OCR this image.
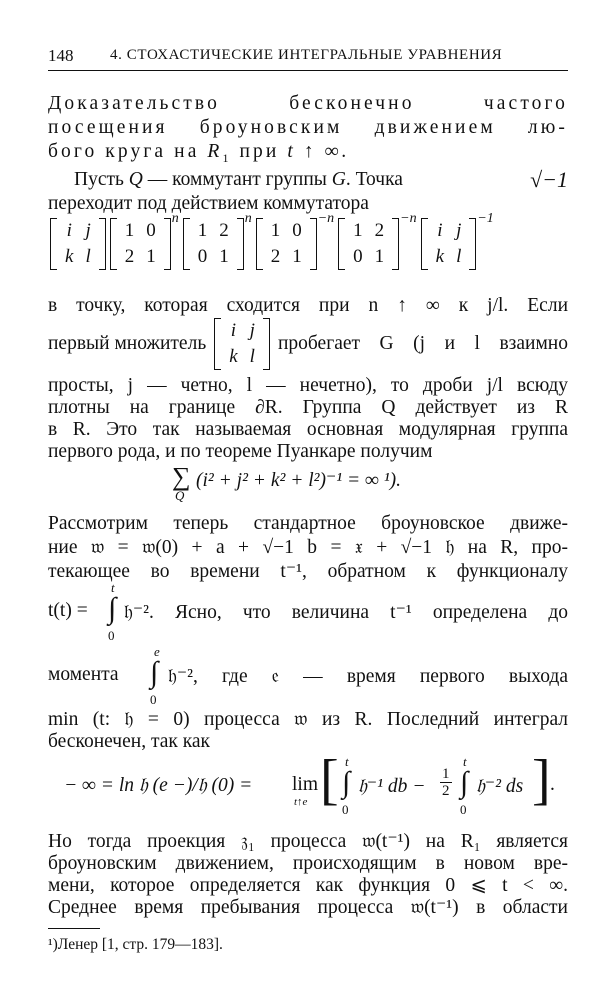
148 4. СТОХАСТИЧЕСКИЕ ИНТЕГРАЛЬНЫЕ УРАВНЕНИЯ
Доказательство бесконечно частого
посещения броуновским движением лю-
бого круга на $R_1$ при t ↑ ∞.
Пусть Q — коммутант группы G. Точка	√−1
переходит под действием коммутатора
i	j
k	l
1	0
2	1
n
1	2
0	1
n
1	0
2	1
−n
1	2
0	1
−n
i	j
k	l
−1
в точку, которая сходится при n ↑ ∞ к j/l. Если
первый множитель
i	j
k	l
пробегает G (j и l взаимно
просты, j — четно, l — нечетно), то дроби j/l всюду
плотны на границе ∂R. Группа Q действует из R
в R. Это так называемая основная модулярная группа
первого рода, и по теореме Пуанкаре получим
∑
Q
(i² + j² + k² + l²)⁻¹ = ∞ ¹).
Рассмотрим теперь стандартное броуновское движе-
ние 𝔴 = 𝔴(0) + a + √−1 b = 𝔵 + √−1 𝔥 на R, про-
текающее во времени t⁻¹, обратном к функционалу
t(t) = ∫
t
0
𝔥⁻². Ясно, что величина t⁻¹ определена до
момента ∫
e
0
𝔥⁻², где 𝔢 — время первого выхода
min (t: 𝔥 = 0) процесса 𝔴 из R. Последний интеграл
бесконечен, так как
− ∞ = ln 𝔥 (e −)/𝔥 (0) = lim
t↑e [ ∫
t
0
𝔥⁻¹ db − $\frac{1}{2}$ ∫
t
0
𝔥⁻² ds ] .
Но тогда проекция 𝔷₁ процесса 𝔴(t⁻¹) на R₁ является
броуновским движением, происходящим в новом вре-
мени, которое определяется как функция 0 ⩽ t < ∞.
Среднее время пребывания процесса 𝔴(t⁻¹) в области
¹)Ленер [1, стр. 179—183].
